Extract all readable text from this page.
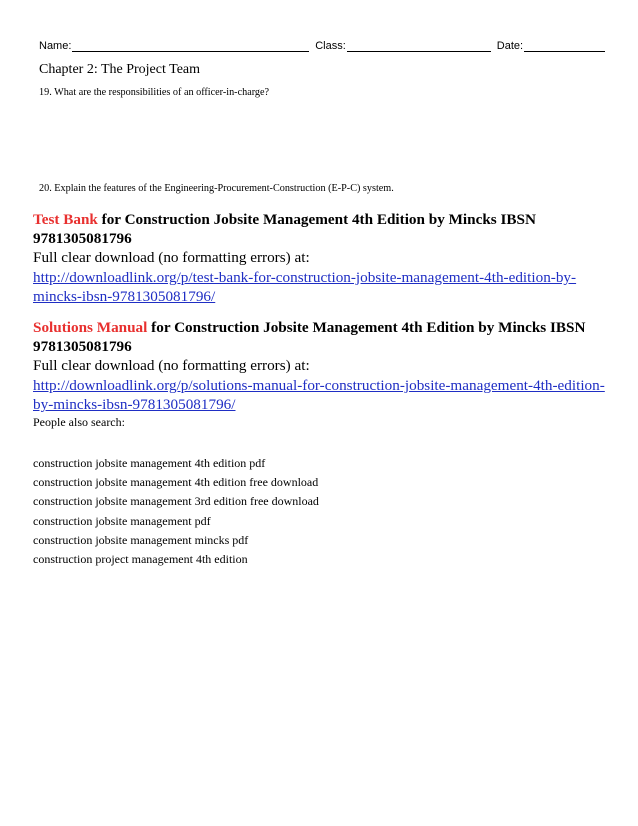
Name:	Class:	Date:
Chapter 2: The Project Team
19. What are the responsibilities of an officer-in-charge?
20. Explain the features of the Engineering-Procurement-Construction (E-P-C) system.
Test Bank for Construction Jobsite Management 4th Edition by Mincks IBSN 9781305081796
Full clear download (no formatting errors) at:
http://downloadlink.org/p/test-bank-for-construction-jobsite-management-4th-edition-by-mincks-ibsn-9781305081796/
Solutions Manual for Construction Jobsite Management 4th Edition by Mincks IBSN 9781305081796
Full clear download (no formatting errors) at:
http://downloadlink.org/p/solutions-manual-for-construction-jobsite-management-4th-edition-by-mincks-ibsn-9781305081796/
People also search:
construction jobsite management 4th edition pdf
construction jobsite management 4th edition free download
construction jobsite management 3rd edition free download
construction jobsite management pdf
construction jobsite management mincks pdf
construction project management 4th edition
